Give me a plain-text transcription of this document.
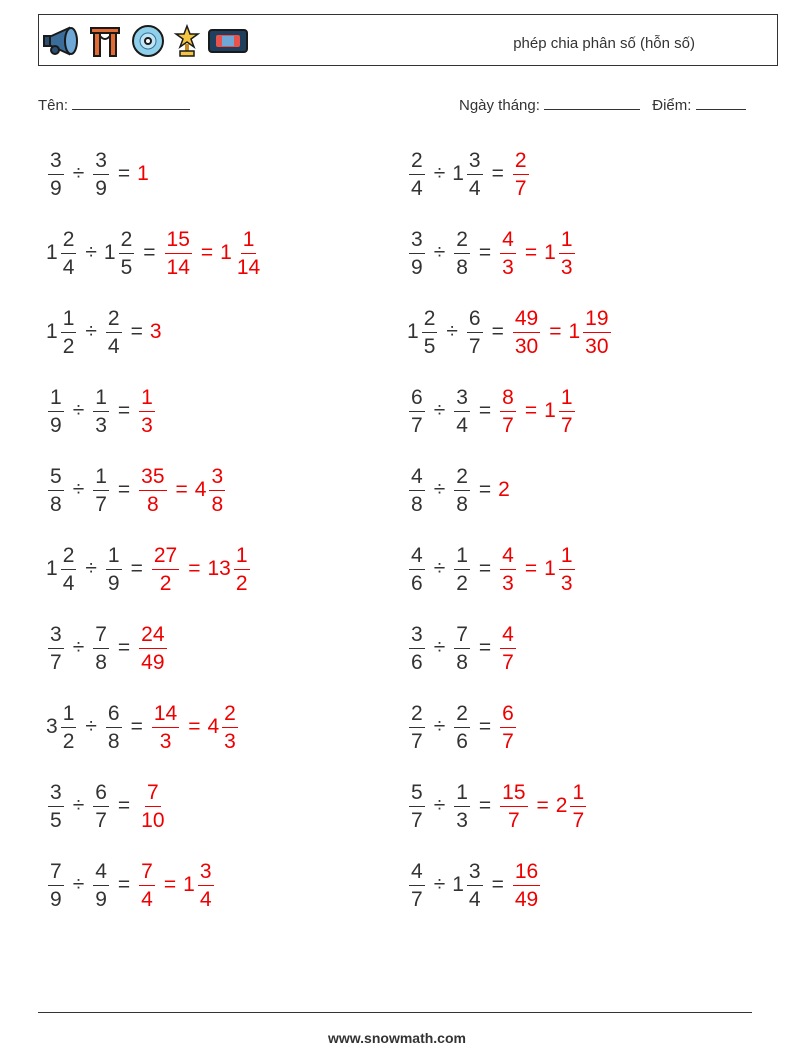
phép chia phân số (hỗn số)
Tên:	Ngày tháng:	Điểm:
$\frac{3}{9} \div \frac{3}{9} = 1$	$\frac{2}{4} \div 1 \frac{3}{4} = \frac{2}{7}$
$1 \frac{2}{4} \div 1 \frac{2}{5} = \frac{15}{14} = 1 \frac{1}{14}$	$\frac{3}{9} \div \frac{2}{8} = \frac{4}{3} = 1 \frac{1}{3}$
$1 \frac{1}{2} \div \frac{2}{4} = 3$	$1 \frac{2}{5} \div \frac{6}{7} = \frac{49}{30} = 1 \frac{19}{30}$
$\frac{1}{9} \div \frac{1}{3} = \frac{1}{3}$	$\frac{6}{7} \div \frac{3}{4} = \frac{8}{7} = 1 \frac{1}{7}$
$\frac{5}{8} \div \frac{1}{7} = \frac{35}{8} = 4 \frac{3}{8}$	$\frac{4}{8} \div \frac{2}{8} = 2$
$1 \frac{2}{4} \div \frac{1}{9} = \frac{27}{2} = 13 \frac{1}{2}$	$\frac{4}{6} \div \frac{1}{2} = \frac{4}{3} = 1 \frac{1}{3}$
$\frac{3}{7} \div \frac{7}{8} = \frac{24}{49}$	$\frac{3}{6} \div \frac{7}{8} = \frac{4}{7}$
$3 \frac{1}{2} \div \frac{6}{8} = \frac{14}{3} = 4 \frac{2}{3}$	$\frac{2}{7} \div \frac{2}{6} = \frac{6}{7}$
$\frac{3}{5} \div \frac{6}{7} = \frac{7}{10}$	$\frac{5}{7} \div \frac{1}{3} = \frac{15}{7} = 2 \frac{1}{7}$
$\frac{7}{9} \div \frac{4}{9} = \frac{7}{4} = 1 \frac{3}{4}$	$\frac{4}{7} \div 1 \frac{3}{4} = \frac{16}{49}$
www.snowmath.com
